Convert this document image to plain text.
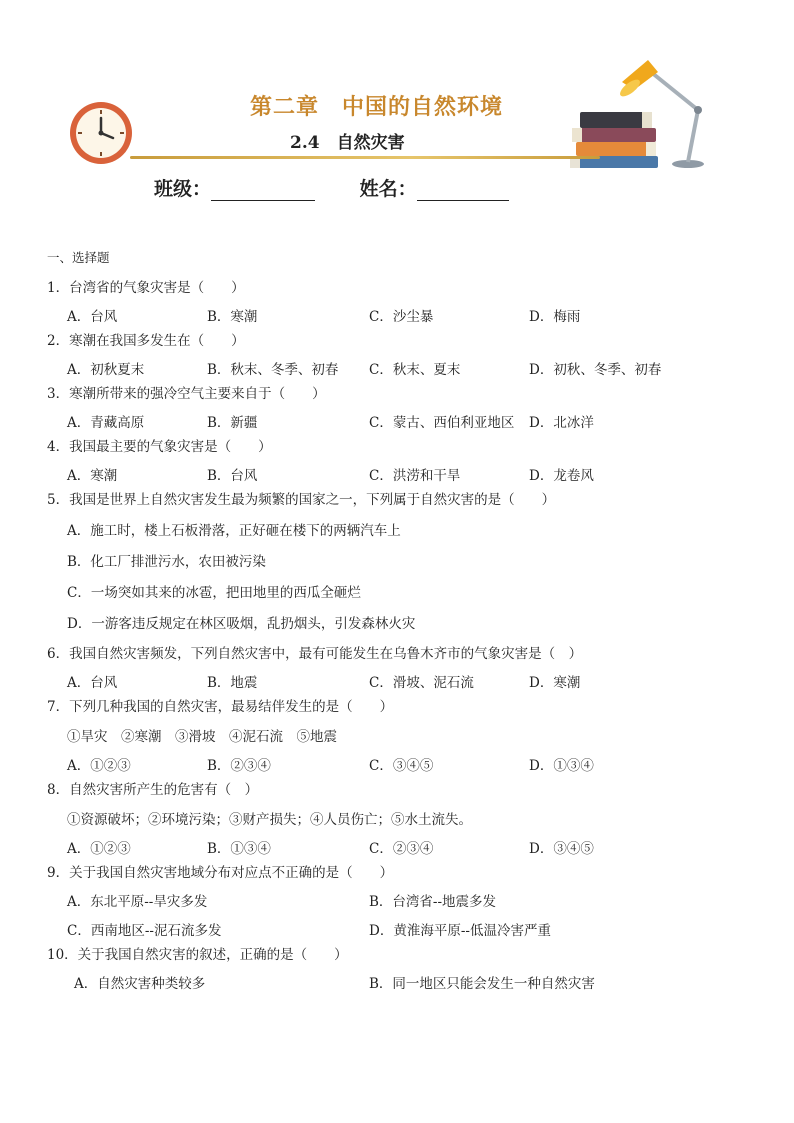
第二章　中国的自然环境
2.4　自然灾害
班级：	姓名：
一、选择题
1．台湾省的气象灾害是（　　）
A．台风	B．寒潮	C．沙尘暴	D．梅雨
2．寒潮在我国多发生在（　　）
A．初秋夏末	B．秋末、冬季、初春 C．秋末、夏末	D．初秋、冬季、初春
3．寒潮所带来的强冷空气主要来自于（　　）
A．青藏高原	B．新疆	C．蒙古、西伯利亚地区 D．北冰洋
4．我国最主要的气象灾害是（　　）
A．寒潮	B．台风	C．洪涝和干旱	D．龙卷风
5．我国是世界上自然灾害发生最为频繁的国家之一，下列属于自然灾害的是（　　）
A．施工时，楼上石板滑落，正好砸在楼下的两辆汽车上
B．化工厂排泄污水，农田被污染
C．一场突如其来的冰雹，把田地里的西瓜全砸烂
D．一游客违反规定在林区吸烟，乱扔烟头，引发森林火灾
6．我国自然灾害频发，下列自然灾害中，最有可能发生在乌鲁木齐市的气象灾害是（　）
A．台风	B．地震	C．滑坡、泥石流	D．寒潮
7．下列几种我国的自然灾害，最易结伴发生的是（　　）
①旱灾　②寒潮　③滑坡　④泥石流　⑤地震
A．①②③	B．②③④	C．③④⑤	D．①③④
8．自然灾害所产生的危害有（　）
①资源破坏；②环境污染；③财产损失；④人员伤亡；⑤水土流失。
A．①②③	B．①③④	C．②③④	D．③④⑤
9．关于我国自然灾害地域分布对应点不正确的是（　　）
A．东北平原--旱灾多发	B．台湾省--地震多发
C．西南地区--泥石流多发	D．黄淮海平原--低温冷害严重
10．关于我国自然灾害的叙述，正确的是（　　）
A．自然灾害种类较多	B．同一地区只能会发生一种自然灾害
